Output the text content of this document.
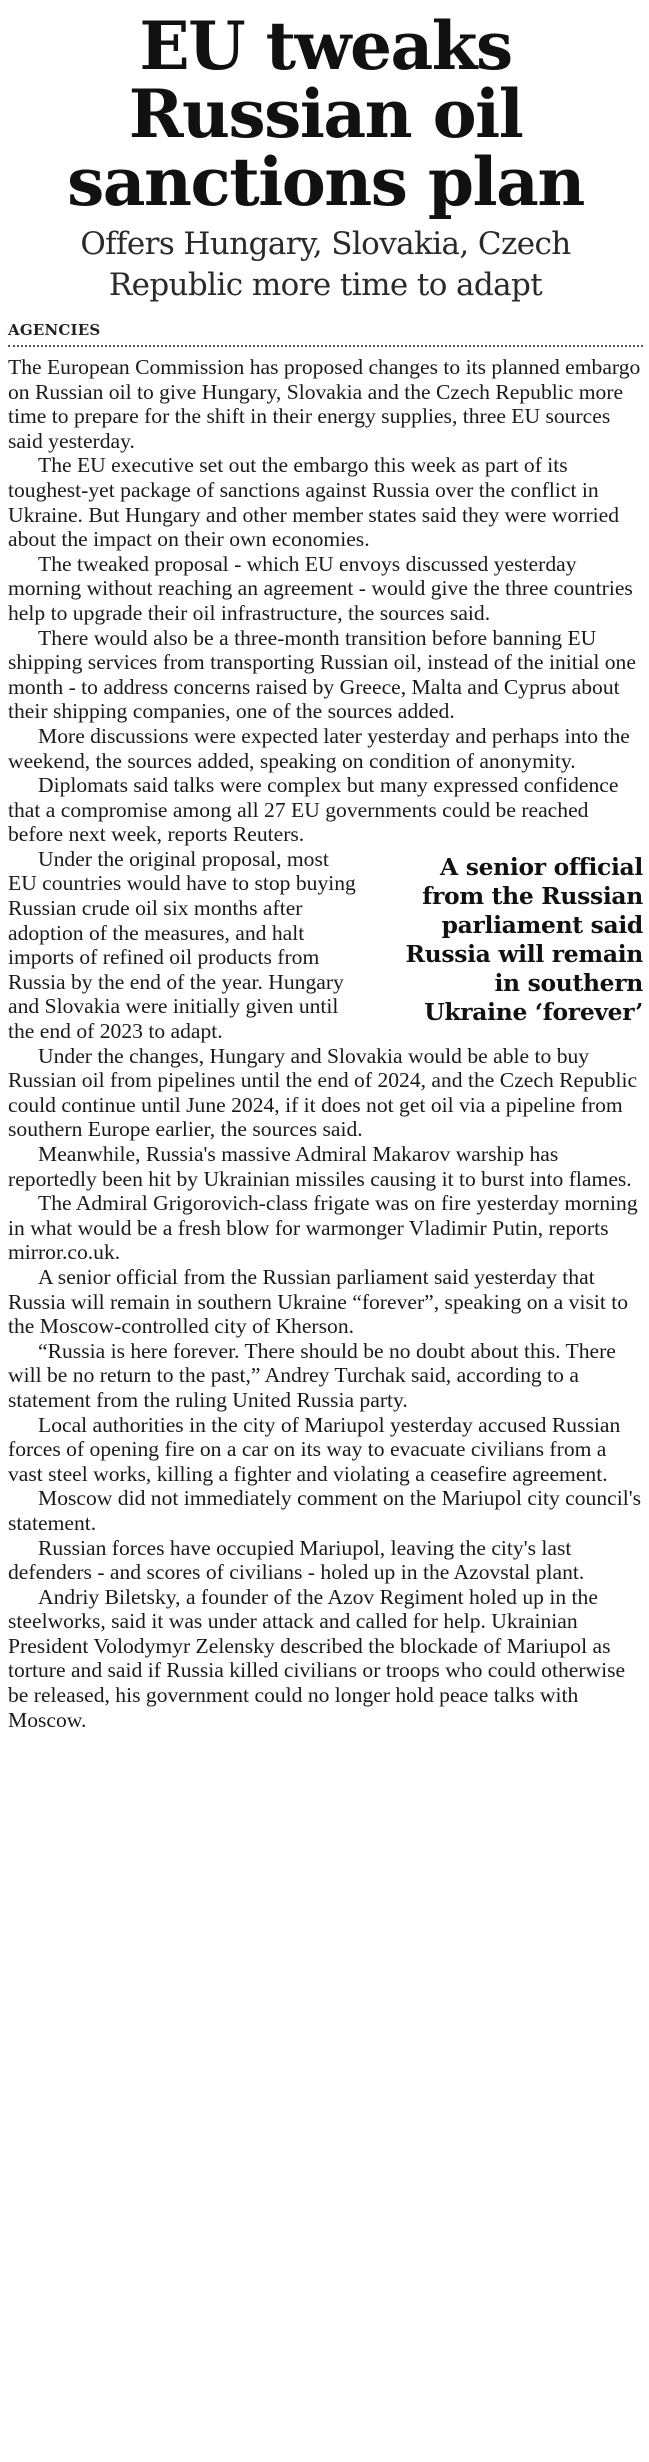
EU tweaks
Russian oil
sanctions plan
Offers Hungary, Slovakia, Czech
Republic more time to adapt
AGENCIES

The European Commission has proposed changes to its planned embargo on Russian oil to give Hungary, Slovakia and the Czech Republic more time to prepare for the shift in their energy supplies, three EU sources said yesterday.

The EU executive set out the embargo this week as part of its toughest-yet package of sanctions against Russia over the conflict in Ukraine. But Hungary and other member states said they were worried about the impact on their own economies.

The tweaked proposal - which EU envoys discussed yesterday morning without reaching an agreement - would give the three countries help to upgrade their oil infrastructure, the sources said.

There would also be a three-month transition before banning EU shipping services from transporting Russian oil, instead of the initial one month - to address concerns raised by Greece, Malta and Cyprus about their shipping companies, one of the sources added.

More discussions were expected later yesterday and perhaps into the weekend, the sources added, speaking on condition of anonymity.

Diplomats said talks were complex but many expressed confidence that a compromise among all 27 EU governments could be reached before next week, reports Reuters.

A senior official
from the Russian
parliament said
Russia will remain
in southern
Ukraine ‘forever’

Under the original proposal, most EU countries would have to stop buying Russian crude oil six months after adoption of the measures, and halt imports of refined oil products from Russia by the end of the year. Hungary and Slovakia were initially given until the end of 2023 to adapt.

Under the changes, Hungary and Slovakia would be able to buy Russian oil from pipelines until the end of 2024, and the Czech Republic could continue until June 2024, if it does not get oil via a pipeline from southern Europe earlier, the sources said.

Meanwhile, Russia's massive Admiral Makarov warship has reportedly been hit by Ukrainian missiles causing it to burst into flames.

The Admiral Grigorovich-class frigate was on fire yesterday morning in what would be a fresh blow for warmonger Vladimir Putin, reports mirror.co.uk.

A senior official from the Russian parliament said yesterday that Russia will remain in southern Ukraine “forever”, speaking on a visit to the Moscow-controlled city of Kherson.

“Russia is here forever. There should be no doubt about this. There will be no return to the past,” Andrey Turchak said, according to a statement from the ruling United Russia party.

Local authorities in the city of Mariupol yesterday accused Russian forces of opening fire on a car on its way to evacuate civilians from a vast steel works, killing a fighter and violating a ceasefire agreement.

Moscow did not immediately comment on the Mariupol city council's statement.

Russian forces have occupied Mariupol, leaving the city's last defenders - and scores of civilians - holed up in the Azovstal plant.

Andriy Biletsky, a founder of the Azov Regiment holed up in the steelworks, said it was under attack and called for help. Ukrainian President Volodymyr Zelensky described the blockade of Mariupol as torture and said if Russia killed civilians or troops who could otherwise be released, his government could no longer hold peace talks with Moscow.
